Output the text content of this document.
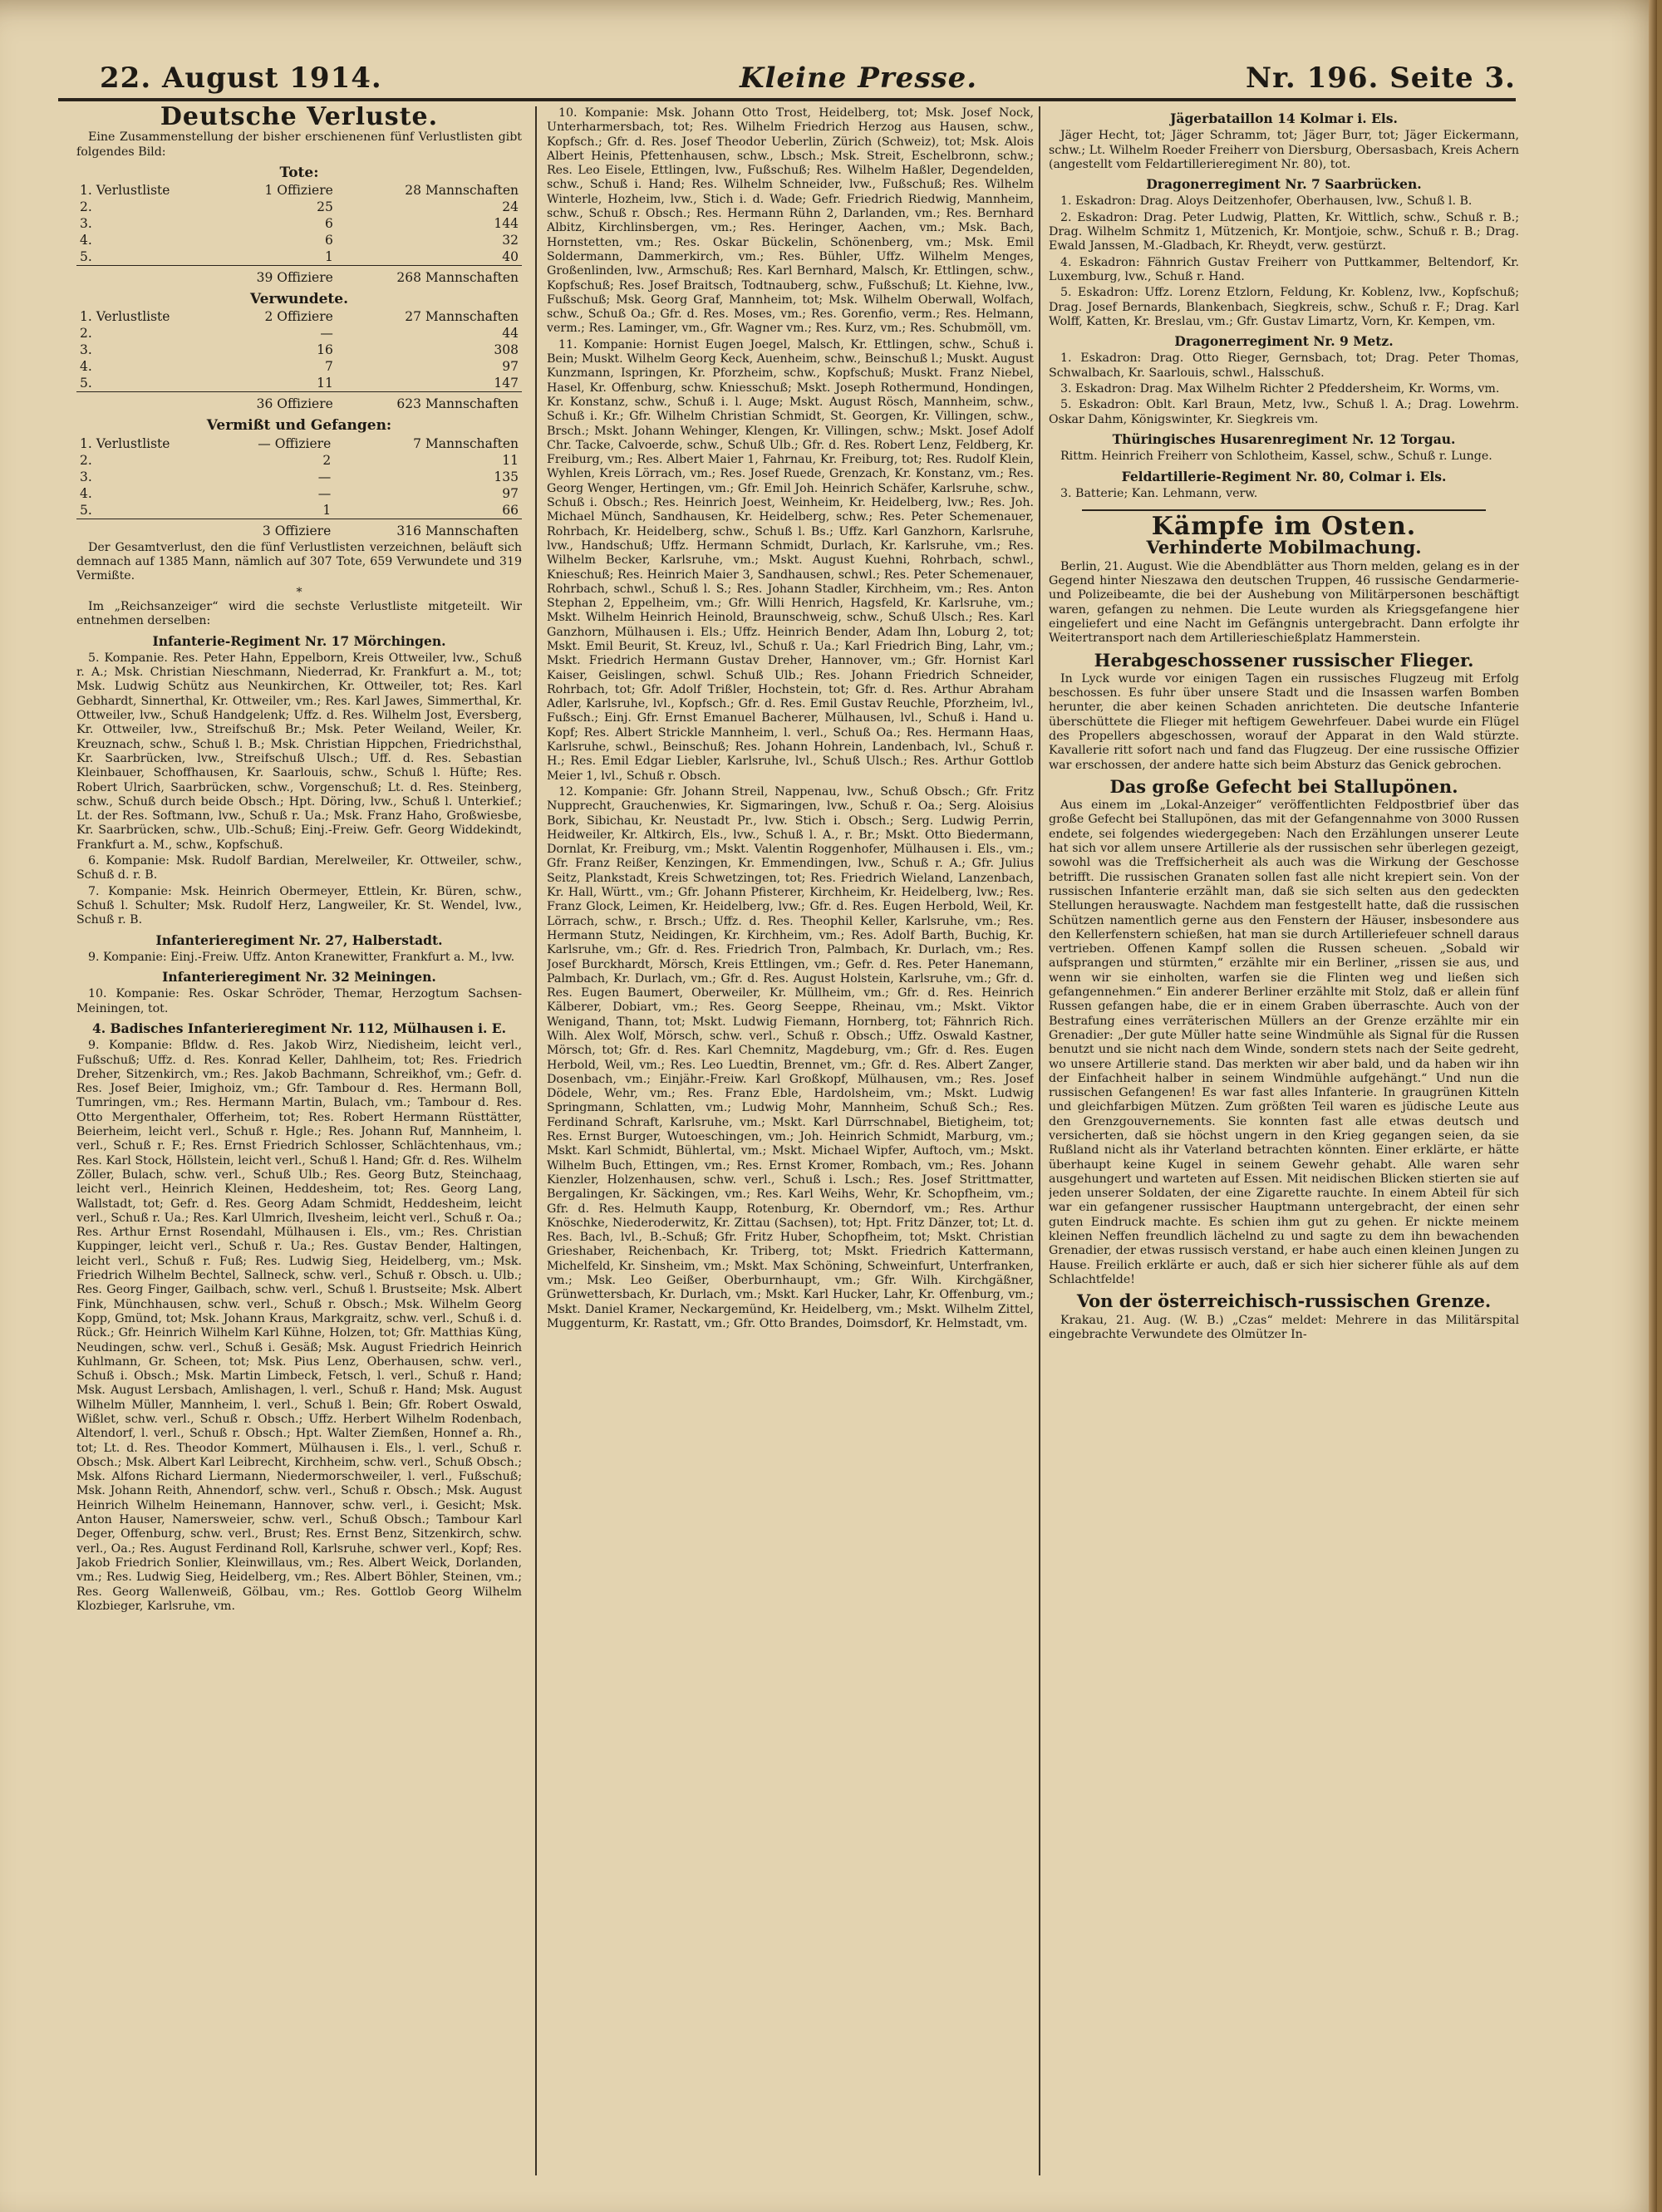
22. August 1914.	Kleine Presse.	Nr. 196. Seite 3.
Deutsche Verluste.

Eine Zusammenstellung der bisher erschienenen fünf Verlustlisten gibt folgendes Bild:

Tote:
1. Verlustliste	1 Offiziere	28 Mannschaften
2.	25	24
3.	6	144
4.	6	32
5.	1	40
	39 Offiziere	268 Mannschaften
Verwundete.
1. Verlustliste	2 Offiziere	27 Mannschaften
2.	—	44
3.	16	308
4.	7	97
5.	11	147
	36 Offiziere	623 Mannschaften
Vermißt und Gefangen:
1. Verlustliste	— Offiziere	7 Mannschaften
2.	2	11
3.	—	135
4.	—	97
5.	1	66
	3 Offiziere	316 Mannschaften

Der Gesamtverlust, den die fünf Verlustlisten verzeichnen, beläuft sich demnach auf 1385 Mann, nämlich auf 307 Tote, 659 Verwundete und 319 Vermißte.

*

Im „Reichsanzeiger“ wird die sechste Verlustliste mitgeteilt. Wir entnehmen derselben:

Infanterie-Regiment Nr. 17 Mörchingen.

5. Kompanie. Res. Peter Hahn, Eppelborn, Kreis Ottweiler, lvw., Schuß r. A.; Msk. Christian Nieschmann, Niederrad, Kr. Frankfurt a. M., tot; Msk. Ludwig Schütz aus Neunkirchen, Kr. Ottweiler, tot; Res. Karl Gebhardt, Sinnerthal, Kr. Ottweiler, vm.; Res. Karl Jawes, Simmerthal, Kr. Ottweiler, lvw., Schuß Handgelenk; Uffz. d. Res. Wilhelm Jost, Eversberg, Kr. Ottweiler, lvw., Streifschuß Br.; Msk. Peter Weiland, Weiler, Kr. Kreuznach, schw., Schuß l. B.; Msk. Christian Hippchen, Friedrichsthal, Kr. Saarbrücken, lvw., Streifschuß Ulsch.; Uff. d. Res. Sebastian Kleinbauer, Schoffhausen, Kr. Saarlouis, schw., Schuß l. Hüfte; Res. Robert Ulrich, Saarbrücken, schw., Vorgenschuß; Lt. d. Res. Steinberg, schw., Schuß durch beide Obsch.; Hpt. Döring, lvw., Schuß l. Unterkief.; Lt. der Res. Softmann, lvw., Schuß r. Ua.; Msk. Franz Haho, Großwiesbe, Kr. Saarbrücken, schw., Ulb.-Schuß; Einj.-Freiw. Gefr. Georg Widdekindt, Frankfurt a. M., schw., Kopfschuß.

6. Kompanie: Msk. Rudolf Bardian, Merelweiler, Kr. Ottweiler, schw., Schuß d. r. B.

7. Kompanie: Msk. Heinrich Obermeyer, Ettlein, Kr. Büren, schw., Schuß l. Schulter; Msk. Rudolf Herz, Langweiler, Kr. St. Wendel, lvw., Schuß r. B.

Infanterieregiment Nr. 27, Halberstadt.

9. Kompanie: Einj.-Freiw. Uffz. Anton Kranewitter, Frankfurt a. M., lvw.

Infanterieregiment Nr. 32 Meiningen.

10. Kompanie: Res. Oskar Schröder, Themar, Herzogtum Sachsen-Meiningen, tot.

4. Badisches Infanterieregiment Nr. 112, Mülhausen i. E.

9. Kompanie: Bfldw. d. Res. Jakob Wirz, Niedisheim, leicht verl., Fußschuß; Uffz. d. Res. Konrad Keller, Dahlheim, tot; Res. Friedrich Dreher, Sitzenkirch, vm.; Res. Jakob Bachmann, Schreikhof, vm.; Gefr. d. Res. Josef Beier, Imighoiz, vm.; Gfr. Tambour d. Res. Hermann Boll, Tumringen, vm.; Res. Hermann Martin, Bulach, vm.; Tambour d. Res. Otto Mergenthaler, Offerheim, tot; Res. Robert Hermann Rüsttätter, Beierheim, leicht verl., Schuß r. Hgle.; Res. Johann Ruf, Mannheim, l. verl., Schuß r. F.; Res. Ernst Friedrich Schlosser, Schlächtenhaus, vm.; Res. Karl Stock, Höllstein, leicht verl., Schuß l. Hand; Gfr. d. Res. Wilhelm Zöller, Bulach, schw. verl., Schuß Ulb.; Res. Georg Butz, Steinchaag, leicht verl., Heinrich Kleinen, Heddesheim, tot; Res. Georg Lang, Wallstadt, tot; Gefr. d. Res. Georg Adam Schmidt, Heddesheim, leicht verl., Schuß r. Ua.; Res. Karl Ulmrich, Ilvesheim, leicht verl., Schuß r. Oa.; Res. Arthur Ernst Rosendahl, Mülhausen i. Els., vm.; Res. Christian Kuppinger, leicht verl., Schuß r. Ua.; Res. Gustav Bender, Haltingen, leicht verl., Schuß r. Fuß; Res. Ludwig Sieg, Heidelberg, vm.; Msk. Friedrich Wilhelm Bechtel, Sallneck, schw. verl., Schuß r. Obsch. u. Ulb.; Res. Georg Finger, Gailbach, schw. verl., Schuß l. Brustseite; Msk. Albert Fink, Münchhausen, schw. verl., Schuß r. Obsch.; Msk. Wilhelm Georg Kopp, Gmünd, tot; Msk. Johann Kraus, Markgraitz, schw. verl., Schuß i. d. Rück.; Gfr. Heinrich Wilhelm Karl Kühne, Holzen, tot; Gfr. Matthias Küng, Neudingen, schw. verl., Schuß i. Gesäß; Msk. August Friedrich Heinrich Kuhlmann, Gr. Scheen, tot; Msk. Pius Lenz, Oberhausen, schw. verl., Schuß i. Obsch.; Msk. Martin Limbeck, Fetsch, l. verl., Schuß r. Hand; Msk. August Lersbach, Amlishagen, l. verl., Schuß r. Hand; Msk. August Wilhelm Müller, Mannheim, l. verl., Schuß l. Bein; Gfr. Robert Oswald, Wißlet, schw. verl., Schuß r. Obsch.; Uffz. Herbert Wilhelm Rodenbach, Altendorf, l. verl., Schuß r. Obsch.; Hpt. Walter Ziemßen, Honnef a. Rh., tot; Lt. d. Res. Theodor Kommert, Mülhausen i. Els., l. verl., Schuß r. Obsch.; Msk. Albert Karl Leibrecht, Kirchheim, schw. verl., Schuß Obsch.; Msk. Alfons Richard Liermann, Niedermorschweiler, l. verl., Fußschuß; Msk. Johann Reith, Ahnendorf, schw. verl., Schuß r. Obsch.; Msk. August Heinrich Wilhelm Heinemann, Hannover, schw. verl., i. Gesicht; Msk. Anton Hauser, Namersweier, schw. verl., Schuß Obsch.; Tambour Karl Deger, Offenburg, schw. verl., Brust; Res. Ernst Benz, Sitzenkirch, schw. verl., Oa.; Res. August Ferdinand Roll, Karlsruhe, schwer verl., Kopf; Res. Jakob Friedrich Sonlier, Kleinwillaus, vm.; Res. Albert Weick, Dorlanden, vm.; Res. Ludwig Sieg, Heidelberg, vm.; Res. Albert Böhler, Steinen, vm.; Res. Georg Wallenweiß, Gölbau, vm.; Res. Gottlob Georg Wilhelm Klozbieger, Karlsruhe, vm.

10. Kompanie: Msk. Johann Otto Trost, Heidelberg, tot; Msk. Josef Nock, Unterharmersbach, tot; Res. Wilhelm Friedrich Herzog aus Hausen, schw., Kopfsch.; Gfr. d. Res. Josef Theodor Ueberlin, Zürich (Schweiz), tot; Msk. Alois Albert Heinis, Pfettenhausen, schw., Lbsch.; Msk. Streit, Eschelbronn, schw.; Res. Leo Eisele, Ettlingen, lvw., Fußschuß; Res. Wilhelm Haßler, Degendelden, schw., Schuß i. Hand; Res. Wilhelm Schneider, lvw., Fußschuß; Res. Wilhelm Winterle, Hozheim, lvw., Stich i. d. Wade; Gefr. Friedrich Riedwig, Mannheim, schw., Schuß r. Obsch.; Res. Hermann Rühn 2, Darlanden, vm.; Res. Bernhard Albitz, Kirchlinsbergen, vm.; Res. Heringer, Aachen, vm.; Msk. Bach, Hornstetten, vm.; Res. Oskar Bückelin, Schönenberg, vm.; Msk. Emil Soldermann, Dammerkirch, vm.; Res. Bühler, Uffz. Wilhelm Menges, Großenlinden, lvw., Armschuß; Res. Karl Bernhard, Malsch, Kr. Ettlingen, schw., Kopfschuß; Res. Josef Braitsch, Todtnauberg, schw., Fußschuß; Lt. Kiehne, lvw., Fußschuß; Msk. Georg Graf, Mannheim, tot; Msk. Wilhelm Oberwall, Wolfach, schw., Schuß Oa.; Gfr. d. Res. Moses, vm.; Res. Gorenfio, verm.; Res. Helmann, verm.; Res. Laminger, vm., Gfr. Wagner vm.; Res. Kurz, vm.; Res. Schubmöll, vm.

11. Kompanie: Hornist Eugen Joegel, Malsch, Kr. Ettlingen, schw., Schuß i. Bein; Muskt. Wilhelm Georg Keck, Auenheim, schw., Beinschuß l.; Muskt. August Kunzmann, Ispringen, Kr. Pforzheim, schw., Kopfschuß; Muskt. Franz Niebel, Hasel, Kr. Offenburg, schw. Kniesschuß; Mskt. Joseph Rothermund, Hondingen, Kr. Konstanz, schw., Schuß i. l. Auge; Mskt. August Rösch, Mannheim, schw., Schuß i. Kr.; Gfr. Wilhelm Christian Schmidt, St. Georgen, Kr. Villingen, schw., Brsch.; Mskt. Johann Wehinger, Klengen, Kr. Villingen, schw.; Mskt. Josef Adolf Chr. Tacke, Calvoerde, schw., Schuß Ulb.; Gfr. d. Res. Robert Lenz, Feldberg, Kr. Freiburg, vm.; Res. Albert Maier 1, Fahrnau, Kr. Freiburg, tot; Res. Rudolf Klein, Wyhlen, Kreis Lörrach, vm.; Res. Josef Ruede, Grenzach, Kr. Konstanz, vm.; Res. Georg Wenger, Hertingen, vm.; Gfr. Emil Joh. Heinrich Schäfer, Karlsruhe, schw., Schuß i. Obsch.; Res. Heinrich Joest, Weinheim, Kr. Heidelberg, lvw.; Res. Joh. Michael Münch, Sandhausen, Kr. Heidelberg, schw.; Res. Peter Schemenauer, Rohrbach, Kr. Heidelberg, schw., Schuß l. Bs.; Uffz. Karl Ganzhorn, Karlsruhe, lvw., Handschuß; Uffz. Hermann Schmidt, Durlach, Kr. Karlsruhe, vm.; Res. Wilhelm Becker, Karlsruhe, vm.; Mskt. August Kuehni, Rohrbach, schwl., Knieschuß; Res. Heinrich Maier 3, Sandhausen, schwl.; Res. Peter Schemenauer, Rohrbach, schwl., Schuß l. S.; Res. Johann Stadler, Kirchheim, vm.; Res. Anton Stephan 2, Eppelheim, vm.; Gfr. Willi Henrich, Hagsfeld, Kr. Karlsruhe, vm.; Mskt. Wilhelm Heinrich Heinold, Braunschweig, schw., Schuß Ulsch.; Res. Karl Ganzhorn, Mülhausen i. Els.; Uffz. Heinrich Bender, Adam Ihn, Loburg 2, tot; Mskt. Emil Beurit, St. Kreuz, lvl., Schuß r. Ua.; Karl Friedrich Bing, Lahr, vm.; Mskt. Friedrich Hermann Gustav Dreher, Hannover, vm.; Gfr. Hornist Karl Kaiser, Geislingen, schwl. Schuß Ulb.; Res. Johann Friedrich Schneider, Rohrbach, tot; Gfr. Adolf Trißler, Hochstein, tot; Gfr. d. Res. Arthur Abraham Adler, Karlsruhe, lvl., Kopfsch.; Gfr. d. Res. Emil Gustav Reuchle, Pforzheim, lvl., Fußsch.; Einj. Gfr. Ernst Emanuel Bacherer, Mülhausen, lvl., Schuß i. Hand u. Kopf; Res. Albert Strickle Mannheim, l. verl., Schuß Oa.; Res. Hermann Haas, Karlsruhe, schwl., Beinschuß; Res. Johann Hohrein, Landenbach, lvl., Schuß r. H.; Res. Emil Edgar Liebler, Karlsruhe, lvl., Schuß Ulsch.; Res. Arthur Gottlob Meier 1, lvl., Schuß r. Obsch.

12. Kompanie: Gfr. Johann Streil, Nappenau, lvw., Schuß Obsch.; Gfr. Fritz Nupprecht, Grauchenwies, Kr. Sigmaringen, lvw., Schuß r. Oa.; Serg. Aloisius Bork, Sibichau, Kr. Neustadt Pr., lvw. Stich i. Obsch.; Serg. Ludwig Perrin, Heidweiler, Kr. Altkirch, Els., lvw., Schuß l. A., r. Br.; Mskt. Otto Biedermann, Dornlat, Kr. Freiburg, vm.; Mskt. Valentin Roggenhofer, Mülhausen i. Els., vm.; Gfr. Franz Reißer, Kenzingen, Kr. Emmendingen, lvw., Schuß r. A.; Gfr. Julius Seitz, Plankstadt, Kreis Schwetzingen, tot; Res. Friedrich Wieland, Lanzenbach, Kr. Hall, Württ., vm.; Gfr. Johann Pfisterer, Kirchheim, Kr. Heidelberg, lvw.; Res. Franz Glock, Leimen, Kr. Heidelberg, lvw.; Gfr. d. Res. Eugen Herbold, Weil, Kr. Lörrach, schw., r. Brsch.; Uffz. d. Res. Theophil Keller, Karlsruhe, vm.; Res. Hermann Stutz, Neidingen, Kr. Kirchheim, vm.; Res. Adolf Barth, Buchig, Kr. Karlsruhe, vm.; Gfr. d. Res. Friedrich Tron, Palmbach, Kr. Durlach, vm.; Res. Josef Burckhardt, Mörsch, Kreis Ettlingen, vm.; Gefr. d. Res. Peter Hanemann, Palmbach, Kr. Durlach, vm.; Gfr. d. Res. August Holstein, Karlsruhe, vm.; Gfr. d. Res. Eugen Baumert, Oberweiler, Kr. Müllheim, vm.; Gfr. d. Res. Heinrich Kälberer, Dobiart, vm.; Res. Georg Seeppe, Rheinau, vm.; Mskt. Viktor Wenigand, Thann, tot; Mskt. Ludwig Fiemann, Hornberg, tot; Fähnrich Rich. Wilh. Alex Wolf, Mörsch, schw. verl., Schuß r. Obsch.; Uffz. Oswald Kastner, Mörsch, tot; Gfr. d. Res. Karl Chemnitz, Magdeburg, vm.; Gfr. d. Res. Eugen Herbold, Weil, vm.; Res. Leo Luedtin, Brennet, vm.; Gfr. d. Res. Albert Zanger, Dosenbach, vm.; Einjähr.-Freiw. Karl Großkopf, Mülhausen, vm.; Res. Josef Dödele, Wehr, vm.; Res. Franz Eble, Hardolsheim, vm.; Mskt. Ludwig Springmann, Schlatten, vm.; Ludwig Mohr, Mannheim, Schuß Sch.; Res. Ferdinand Schraft, Karlsruhe, vm.; Mskt. Karl Dürrschnabel, Bietigheim, tot; Res. Ernst Burger, Wutoeschingen, vm.; Joh. Heinrich Schmidt, Marburg, vm.; Mskt. Karl Schmidt, Bühlertal, vm.; Mskt. Michael Wipfer, Auftoch, vm.; Mskt. Wilhelm Buch, Ettingen, vm.; Res. Ernst Kromer, Rombach, vm.; Res. Johann Kienzler, Holzenhausen, schw. verl., Schuß i. Lsch.; Res. Josef Strittmatter, Bergalingen, Kr. Säckingen, vm.; Res. Karl Weihs, Wehr, Kr. Schopfheim, vm.; Gfr. d. Res. Helmuth Kaupp, Rotenburg, Kr. Oberndorf, vm.; Res. Arthur Knöschke, Niederoderwitz, Kr. Zittau (Sachsen), tot; Hpt. Fritz Dänzer, tot; Lt. d. Res. Bach, lvl., B.-Schuß; Gfr. Fritz Huber, Schopfheim, tot; Mskt. Christian Grieshaber, Reichenbach, Kr. Triberg, tot; Mskt. Friedrich Kattermann, Michelfeld, Kr. Sinsheim, vm.; Mskt. Max Schöning, Schweinfurt, Unterfranken, vm.; Msk. Leo Geißer, Oberburnhaupt, vm.; Gfr. Wilh. Kirchgäßner, Grünwettersbach, Kr. Durlach, vm.; Mskt. Karl Hucker, Lahr, Kr. Offenburg, vm.; Mskt. Daniel Kramer, Neckargemünd, Kr. Heidelberg, vm.; Mskt. Wilhelm Zittel, Muggenturm, Kr. Rastatt, vm.; Gfr. Otto Brandes, Doimsdorf, Kr. Helmstadt, vm.

Jägerbataillon 14 Kolmar i. Els.

Jäger Hecht, tot; Jäger Schramm, tot; Jäger Burr, tot; Jäger Eickermann, schw.; Lt. Wilhelm Roeder Freiherr von Diersburg, Obersasbach, Kreis Achern (angestellt vom Feldartillerieregiment Nr. 80), tot.

Dragonerregiment Nr. 7 Saarbrücken.

1. Eskadron: Drag. Aloys Deitzenhofer, Oberhausen, lvw., Schuß l. B.

2. Eskadron: Drag. Peter Ludwig, Platten, Kr. Wittlich, schw., Schuß r. B.; Drag. Wilhelm Schmitz 1, Mützenich, Kr. Montjoie, schw., Schuß r. B.; Drag. Ewald Janssen, M.-Gladbach, Kr. Rheydt, verw. gestürzt.

4. Eskadron: Fähnrich Gustav Freiherr von Puttkammer, Beltendorf, Kr. Luxemburg, lvw., Schuß r. Hand.

5. Eskadron: Uffz. Lorenz Etzlorn, Feldung, Kr. Koblenz, lvw., Kopfschuß; Drag. Josef Bernards, Blankenbach, Siegkreis, schw., Schuß r. F.; Drag. Karl Wolff, Katten, Kr. Breslau, vm.; Gfr. Gustav Limartz, Vorn, Kr. Kempen, vm.

Dragonerregiment Nr. 9 Metz.

1. Eskadron: Drag. Otto Rieger, Gernsbach, tot; Drag. Peter Thomas, Schwalbach, Kr. Saarlouis, schwl., Halsschuß.

3. Eskadron: Drag. Max Wilhelm Richter 2 Pfeddersheim, Kr. Worms, vm.

5. Eskadron: Oblt. Karl Braun, Metz, lvw., Schuß l. A.; Drag. Lowehrm. Oskar Dahm, Königswinter, Kr. Siegkreis vm.

Thüringisches Husarenregiment Nr. 12 Torgau.

Rittm. Heinrich Freiherr von Schlotheim, Kassel, schw., Schuß r. Lunge.

Feldartillerie-Regiment Nr. 80, Colmar i. Els.

3. Batterie; Kan. Lehmann, verw.

Kämpfe im Osten.
Verhinderte Mobilmachung.

Berlin, 21. August. Wie die Abendblätter aus Thorn melden, gelang es in der Gegend hinter Nieszawa den deutschen Truppen, 46 russische Gendarmerie- und Polizeibeamte, die bei der Aushebung von Militärpersonen beschäftigt waren, gefangen zu nehmen. Die Leute wurden als Kriegsgefangene hier eingeliefert und eine Nacht im Gefängnis untergebracht. Dann erfolgte ihr Weitertransport nach dem Artillerieschießplatz Hammerstein.

Herabgeschossener russischer Flieger.

In Lyck wurde vor einigen Tagen ein russisches Flugzeug mit Erfolg beschossen. Es fuhr über unsere Stadt und die Insassen warfen Bomben herunter, die aber keinen Schaden anrichteten. Die deutsche Infanterie überschüttete die Flieger mit heftigem Gewehrfeuer. Dabei wurde ein Flügel des Propellers abgeschossen, worauf der Apparat in den Wald stürzte. Kavallerie ritt sofort nach und fand das Flugzeug. Der eine russische Offizier war erschossen, der andere hatte sich beim Absturz das Genick gebrochen.

Das große Gefecht bei Stallupönen.

Aus einem im „Lokal-Anzeiger“ veröffentlichten Feldpostbrief über das große Gefecht bei Stallupönen, das mit der Gefangennahme von 3000 Russen endete, sei folgendes wiedergegeben: Nach den Erzählungen unserer Leute hat sich vor allem unsere Artillerie als der russischen sehr überlegen gezeigt, sowohl was die Treffsicherheit als auch was die Wirkung der Geschosse betrifft. Die russischen Granaten sollen fast alle nicht krepiert sein. Von der russischen Infanterie erzählt man, daß sie sich selten aus den gedeckten Stellungen herauswagte. Nachdem man festgestellt hatte, daß die russischen Schützen namentlich gerne aus den Fenstern der Häuser, insbesondere aus den Kellerfenstern schießen, hat man sie durch Artilleriefeuer schnell daraus vertrieben. Offenen Kampf sollen die Russen scheuen. „Sobald wir aufsprangen und stürmten,“ erzählte mir ein Berliner, „rissen sie aus, und wenn wir sie einholten, warfen sie die Flinten weg und ließen sich gefangennehmen.“ Ein anderer Berliner erzählte mit Stolz, daß er allein fünf Russen gefangen habe, die er in einem Graben überraschte. Auch von der Bestrafung eines verräterischen Müllers an der Grenze erzählte mir ein Grenadier: „Der gute Müller hatte seine Windmühle als Signal für die Russen benutzt und sie nicht nach dem Winde, sondern stets nach der Seite gedreht, wo unsere Artillerie stand. Das merkten wir aber bald, und da haben wir ihn der Einfachheit halber in seinem Windmühle aufgehängt.“ Und nun die russischen Gefangenen! Es war fast alles Infanterie. In graugrünen Kitteln und gleichfarbigen Mützen. Zum größten Teil waren es jüdische Leute aus den Grenzgouvernements. Sie konnten fast alle etwas deutsch und versicherten, daß sie höchst ungern in den Krieg gegangen seien, da sie Rußland nicht als ihr Vaterland betrachten könnten. Einer erklärte, er hätte überhaupt keine Kugel in seinem Gewehr gehabt. Alle waren sehr ausgehungert und warteten auf Essen. Mit neidischen Blicken stierten sie auf jeden unserer Soldaten, der eine Zigarette rauchte. In einem Abteil für sich war ein gefangener russischer Hauptmann untergebracht, der einen sehr guten Eindruck machte. Es schien ihm gut zu gehen. Er nickte meinem kleinen Neffen freundlich lächelnd zu und sagte zu dem ihn bewachenden Grenadier, der etwas russisch verstand, er habe auch einen kleinen Jungen zu Hause. Freilich erklärte er auch, daß er sich hier sicherer fühle als auf dem Schlachtfelde!

Von der österreichisch-russischen Grenze.

Krakau, 21. Aug. (W. B.) „Czas“ meldet: Mehrere in das Militärspital eingebrachte Verwundete des Olmützer In-
